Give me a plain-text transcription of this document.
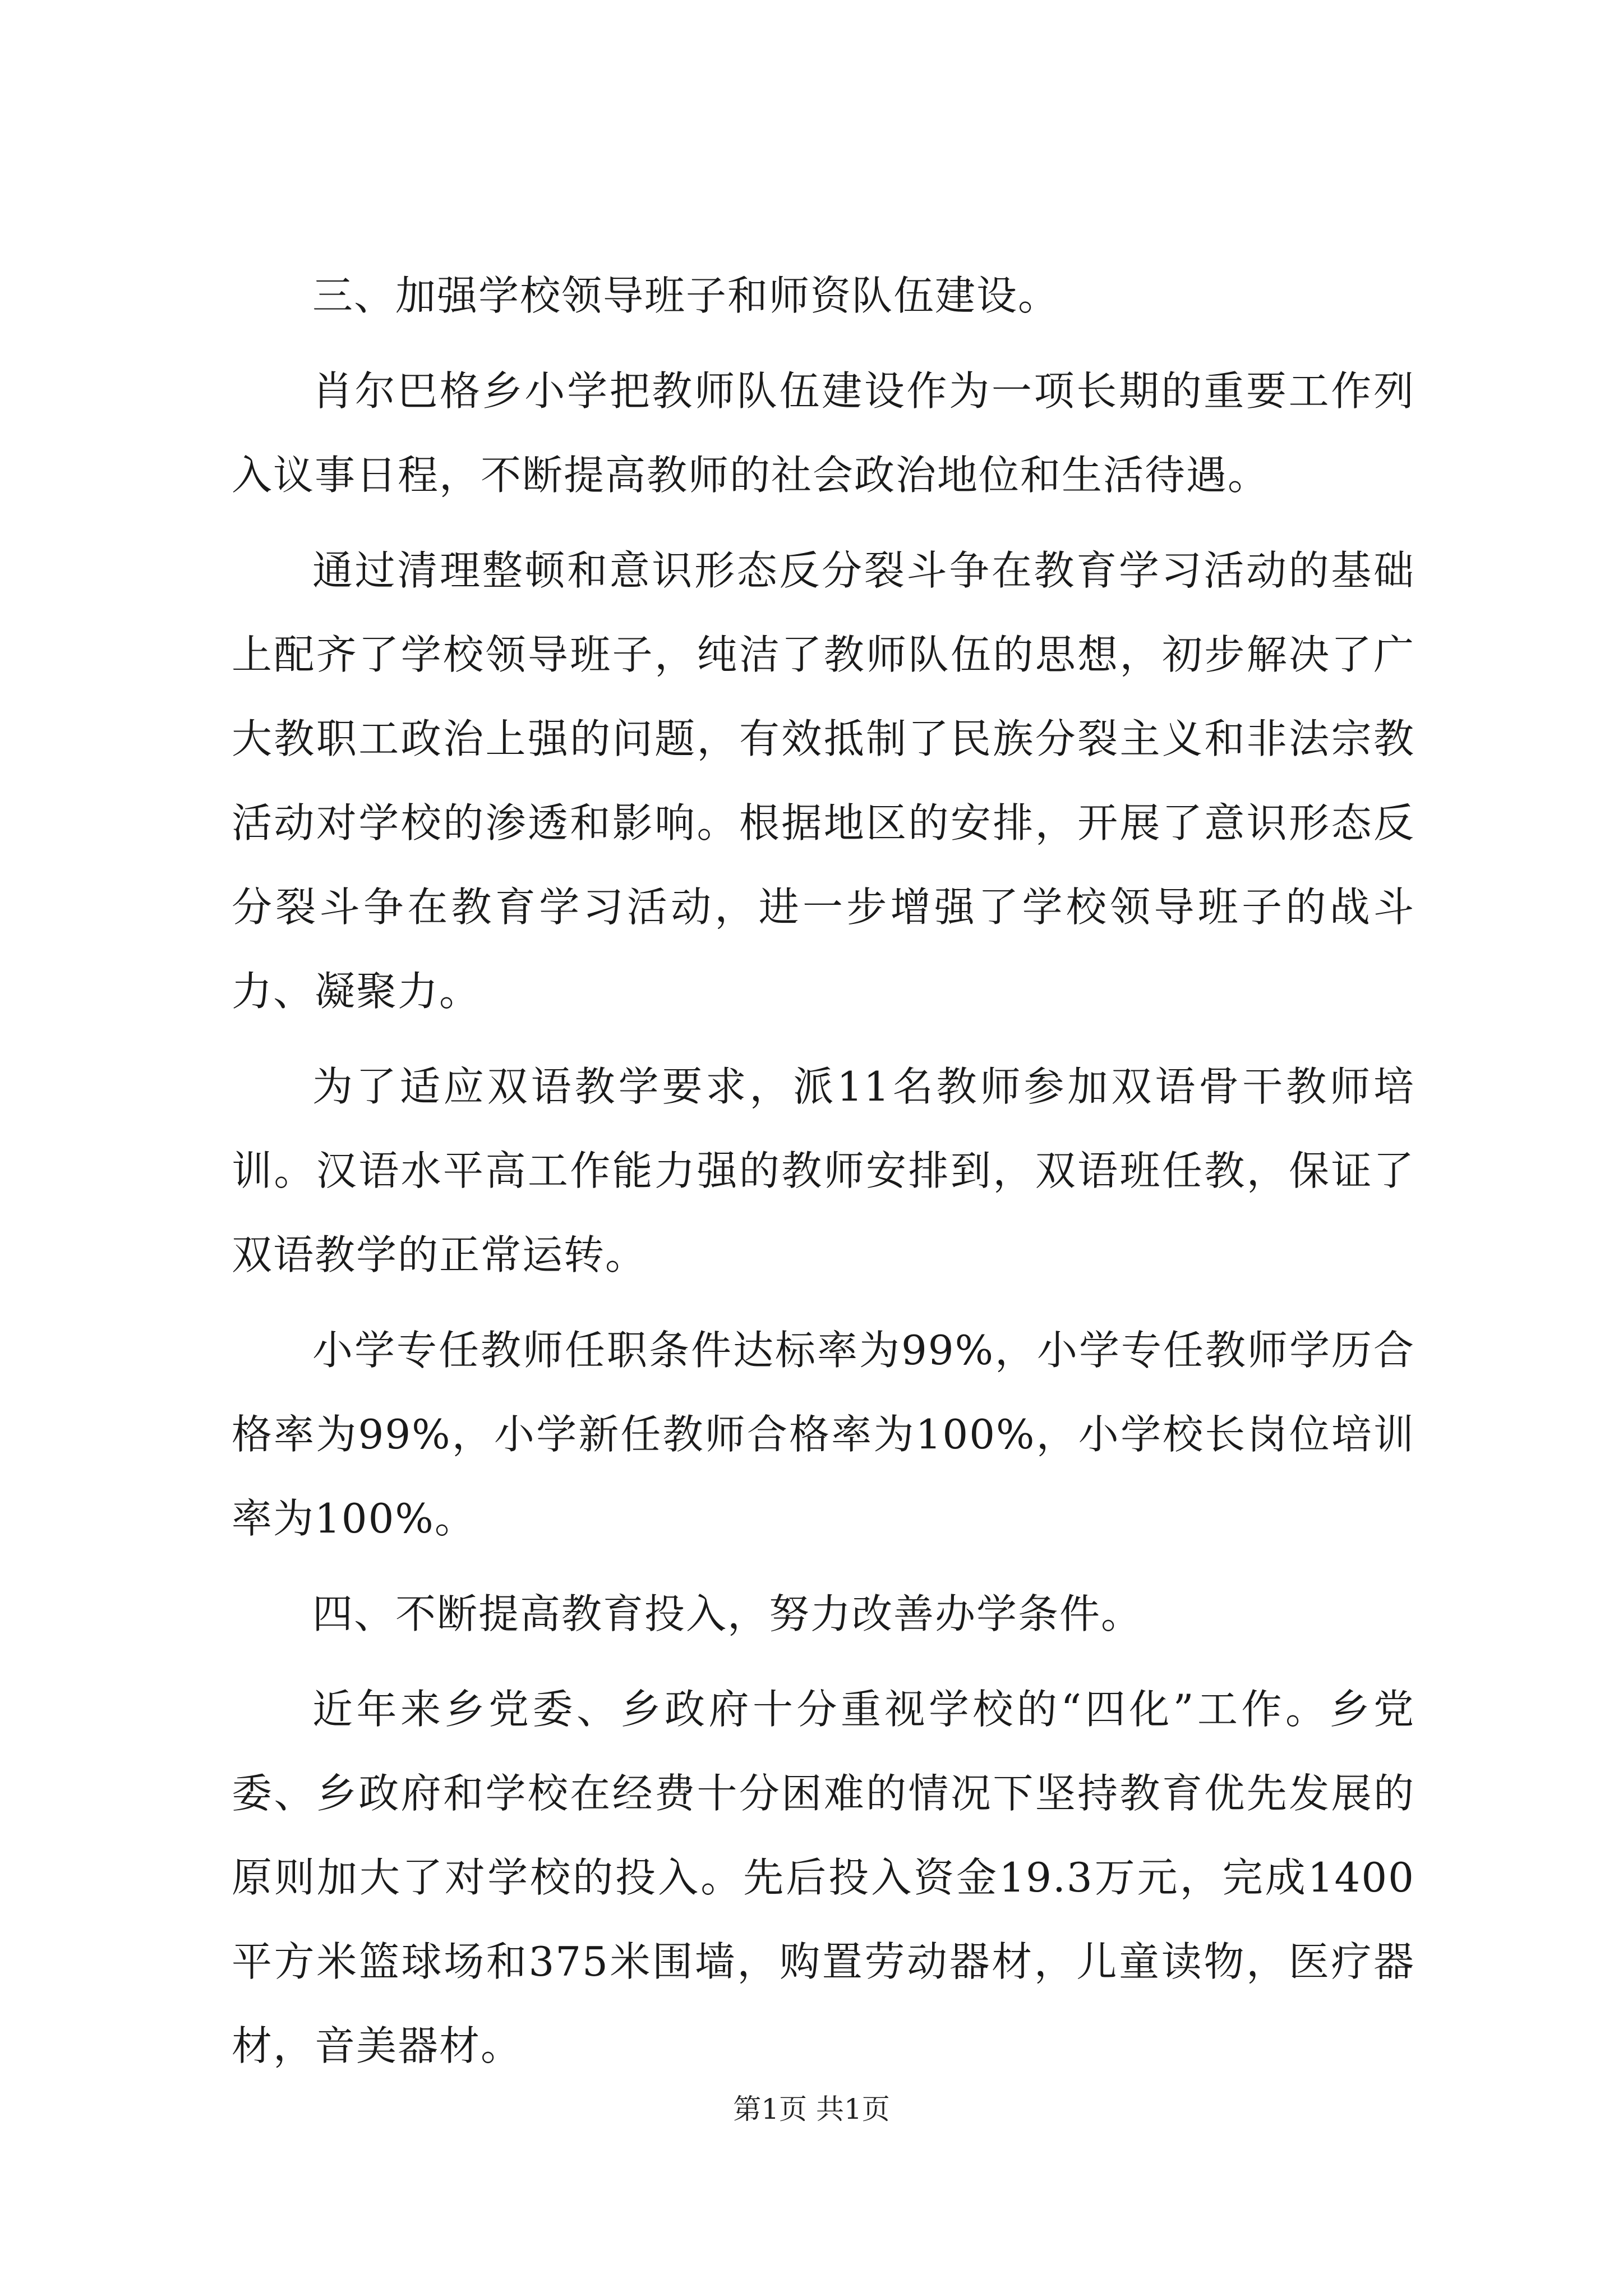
三、加强学校领导班子和师资队伍建设。

肖尔巴格乡小学把教师队伍建设作为一项长期的重要工作列入议事日程，不断提高教师的社会政治地位和生活待遇。

通过清理整顿和意识形态反分裂斗争在教育学习活动的基础上配齐了学校领导班子，纯洁了教师队伍的思想，初步解决了广大教职工政治上强的问题，有效抵制了民族分裂主义和非法宗教活动对学校的渗透和影响。根据地区的安排，开展了意识形态反分裂斗争在教育学习活动，进一步增强了学校领导班子的战斗力、凝聚力。

为了适应双语教学要求，派11名教师参加双语骨干教师培训。汉语水平高工作能力强的教师安排到，双语班任教，保证了双语教学的正常运转。

小学专任教师任职条件达标率为99%，小学专任教师学历合格率为99%，小学新任教师合格率为100%，小学校长岗位培训率为100%。

四、不断提高教育投入，努力改善办学条件。

近年来乡党委、乡政府十分重视学校的“四化”工作。乡党委、乡政府和学校在经费十分困难的情况下坚持教育优先发展的原则加大了对学校的投入。先后投入资金19.3万元，完成1400平方米篮球场和375米围墙，购置劳动器材，儿童读物，医疗器材，音美器材。

第1页 共1页
